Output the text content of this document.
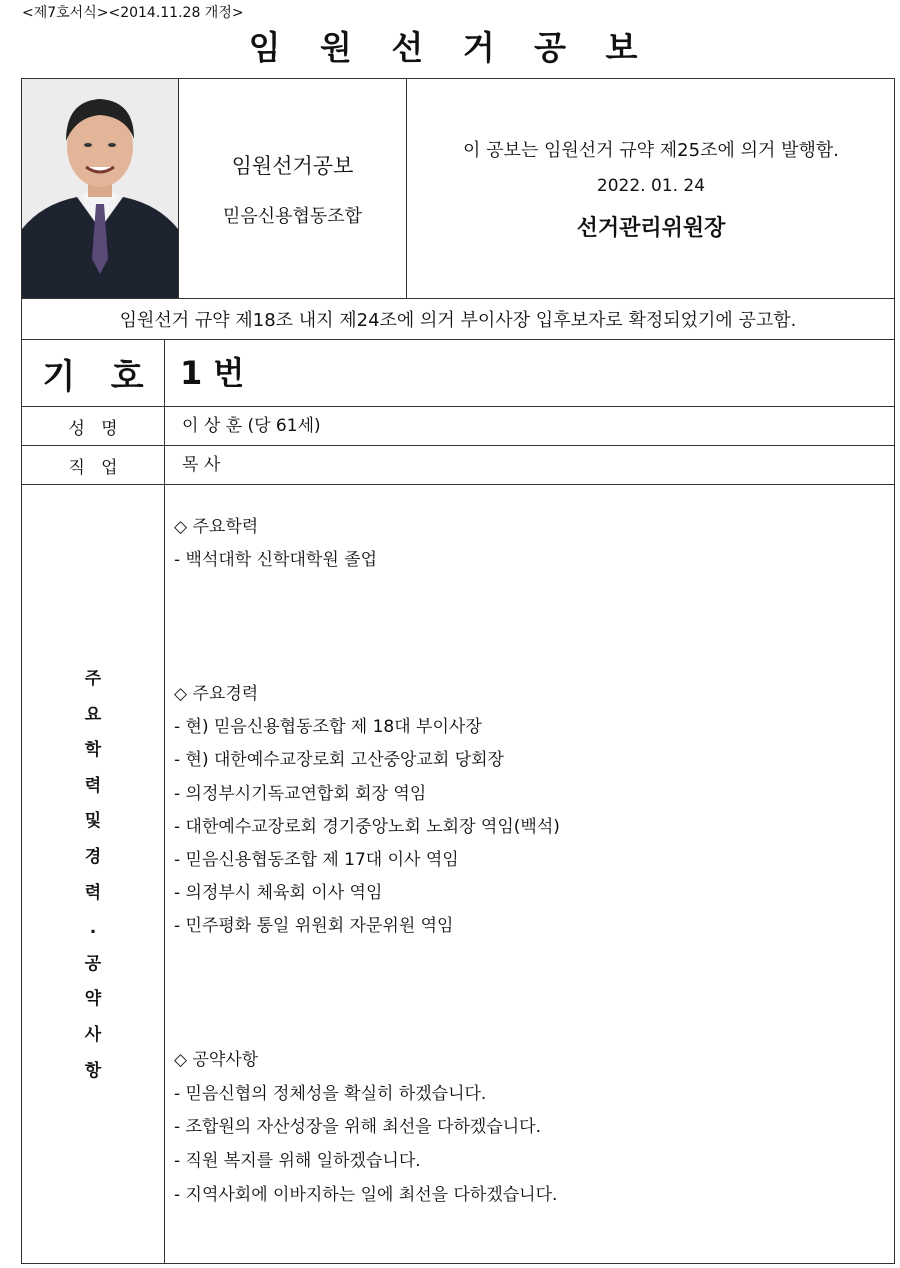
<제7호서식><2014.11.28 개정>
임 원 선 거 공 보
임원선거공보
믿음신용협동조합
이 공보는 임원선거 규약 제25조에 의거 발행함.
2022. 01. 24
선거관리위원장
임원선거 규약 제18조 내지 제24조에 의거 부이사장 입후보자로 확정되었기에 공고함.
기   호	1 번
성   명	이 상 훈 (당 61세)
직   업	목 사
주
요
학
력
및
경
력
.
공
약
사
항
◇ 주요학력
- 백석대학 신학대학원 졸업
◇ 주요경력
- 현) 믿음신용협동조합 제 18대 부이사장
- 현) 대한예수교장로회 고산중앙교회 당회장
- 의정부시기독교연합회 회장 역임
- 대한예수교장로회 경기중앙노회 노회장 역임(백석)
- 믿음신용협동조합 제 17대 이사 역임
- 의정부시 체육회 이사 역임
- 민주평화 통일 위원회 자문위원 역임
◇ 공약사항
- 믿음신협의 정체성을 확실히 하겠습니다.
- 조합원의 자산성장을 위해 최선을 다하겠습니다.
- 직원 복지를 위해 일하겠습니다.
- 지역사회에 이바지하는 일에 최선을 다하겠습니다.
